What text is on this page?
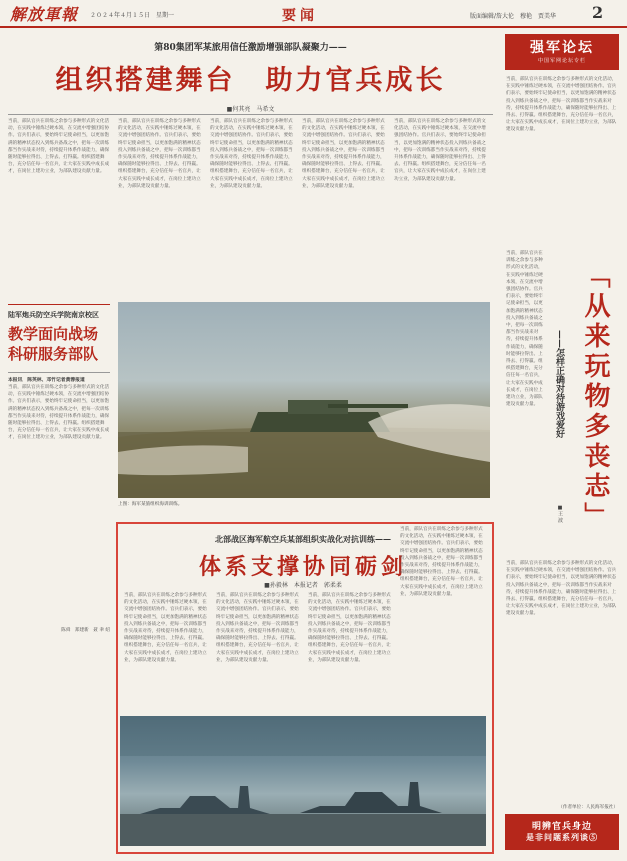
解放軍報 ２０２４年４月１５日　星期一	要闻	版面编辑/詹大伦　穆艳　贾美华 2
第80集团军某旅用信任激励增强部队凝聚力——
组织搭建舞台　助力官兵成长
■何其亮　马希文
当前，部队官兵在训练之余参与多种形式的文化活动，在实践中锤炼过硬本领，在交流中增强团结协作。官兵们表示，要始终牢记使命担当，以更加饱满的精神状态投入到练兵备战之中，把每一次训练都当作实战来对待，持续提升体系作战能力，确保随时能够拉得出、上得去、打得赢。组织搭建舞台，充分信任每一名官兵，让大家在实践中成长成才，在岗位上建功立业，为部队建设贡献力量。
当前，部队官兵在训练之余参与多种形式的文化活动，在实践中锤炼过硬本领，在交流中增强团结协作。官兵们表示，要始终牢记使命担当，以更加饱满的精神状态投入到练兵备战之中，把每一次训练都当作实战来对待，持续提升体系作战能力，确保随时能够拉得出、上得去、打得赢。组织搭建舞台，充分信任每一名官兵，让大家在实践中成长成才，在岗位上建功立业，为部队建设贡献力量。
当前，部队官兵在训练之余参与多种形式的文化活动，在实践中锤炼过硬本领，在交流中增强团结协作。官兵们表示，要始终牢记使命担当，以更加饱满的精神状态投入到练兵备战之中，把每一次训练都当作实战来对待，持续提升体系作战能力，确保随时能够拉得出、上得去、打得赢。组织搭建舞台，充分信任每一名官兵，让大家在实践中成长成才，在岗位上建功立业，为部队建设贡献力量。
当前，部队官兵在训练之余参与多种形式的文化活动，在实践中锤炼过硬本领，在交流中增强团结协作。官兵们表示，要始终牢记使命担当，以更加饱满的精神状态投入到练兵备战之中，把每一次训练都当作实战来对待，持续提升体系作战能力，确保随时能够拉得出、上得去、打得赢。组织搭建舞台，充分信任每一名官兵，让大家在实践中成长成才，在岗位上建功立业，为部队建设贡献力量。
当前，部队官兵在训练之余参与多种形式的文化活动，在实践中锤炼过硬本领，在交流中增强团结协作。官兵们表示，要始终牢记使命担当，以更加饱满的精神状态投入到练兵备战之中，把每一次训练都当作实战来对待，持续提升体系作战能力，确保随时能够拉得出、上得去、打得赢。组织搭建舞台，充分信任每一名官兵，让大家在实践中成长成才，在岗位上建功立业，为部队建设贡献力量。
陆军炮兵防空兵学院南京校区
教学面向战场
科研服务部队
本报讯　陈英林、邓竹记者黄蓉报道
当前，部队官兵在训练之余参与多种形式的文化活动，在实践中锤炼过硬本领，在交流中增强团结协作。官兵们表示，要始终牢记使命担当，以更加饱满的精神状态投入到练兵备战之中，把每一次训练都当作实战来对待，持续提升体系作战能力，确保随时能够拉得出、上得去、打得赢。组织搭建舞台，充分信任每一名官兵，让大家在实践中成长成才，在岗位上建功立业，为部队建设贡献力量。
陈舜　郑建新　聂 聿 绍
上图：海军某旅组织海训训练。
北部战区海军航空兵某部组织实战化对抗训练——
体系支撑协同砺剑
■孙毅林　本报记者　郭柔柔
当前，部队官兵在训练之余参与多种形式的文化活动，在实践中锤炼过硬本领，在交流中增强团结协作。官兵们表示，要始终牢记使命担当，以更加饱满的精神状态投入到练兵备战之中，把每一次训练都当作实战来对待，持续提升体系作战能力，确保随时能够拉得出、上得去、打得赢。组织搭建舞台，充分信任每一名官兵，让大家在实践中成长成才，在岗位上建功立业，为部队建设贡献力量。
当前，部队官兵在训练之余参与多种形式的文化活动，在实践中锤炼过硬本领，在交流中增强团结协作。官兵们表示，要始终牢记使命担当，以更加饱满的精神状态投入到练兵备战之中，把每一次训练都当作实战来对待，持续提升体系作战能力，确保随时能够拉得出、上得去、打得赢。组织搭建舞台，充分信任每一名官兵，让大家在实践中成长成才，在岗位上建功立业，为部队建设贡献力量。
当前，部队官兵在训练之余参与多种形式的文化活动，在实践中锤炼过硬本领，在交流中增强团结协作。官兵们表示，要始终牢记使命担当，以更加饱满的精神状态投入到练兵备战之中，把每一次训练都当作实战来对待，持续提升体系作战能力，确保随时能够拉得出、上得去、打得赢。组织搭建舞台，充分信任每一名官兵，让大家在实践中成长成才，在岗位上建功立业，为部队建设贡献力量。
当前，部队官兵在训练之余参与多种形式的文化活动，在实践中锤炼过硬本领，在交流中增强团结协作。官兵们表示，要始终牢记使命担当，以更加饱满的精神状态投入到练兵备战之中，把每一次训练都当作实战来对待，持续提升体系作战能力，确保随时能够拉得出、上得去、打得赢。组织搭建舞台，充分信任每一名官兵，让大家在实践中成长成才，在岗位上建功立业，为部队建设贡献力量。
强军论坛
中国军网论坛专栏
当前，部队官兵在训练之余参与多种形式的文化活动，在实践中锤炼过硬本领，在交流中增强团结协作。官兵们表示，要始终牢记使命担当，以更加饱满的精神状态投入到练兵备战之中，把每一次训练都当作实战来对待，持续提升体系作战能力，确保随时能够拉得出、上得去、打得赢。组织搭建舞台，充分信任每一名官兵，让大家在实践中成长成才，在岗位上建功立业，为部队建设贡献力量。
「从来玩物多丧志」
——怎样正确对待游戏爱好
■王 波
当前，部队官兵在训练之余参与多种形式的文化活动，在实践中锤炼过硬本领，在交流中增强团结协作。官兵们表示，要始终牢记使命担当，以更加饱满的精神状态投入到练兵备战之中，把每一次训练都当作实战来对待，持续提升体系作战能力，确保随时能够拉得出、上得去、打得赢。组织搭建舞台，充分信任每一名官兵，让大家在实践中成长成才，在岗位上建功立业，为部队建设贡献力量。
当前，部队官兵在训练之余参与多种形式的文化活动，在实践中锤炼过硬本领，在交流中增强团结协作。官兵们表示，要始终牢记使命担当，以更加饱满的精神状态投入到练兵备战之中，把每一次训练都当作实战来对待，持续提升体系作战能力，确保随时能够拉得出、上得去、打得赢。组织搭建舞台，充分信任每一名官兵，让大家在实践中成长成才，在岗位上建功立业，为部队建设贡献力量。
（作者单位：人民海军报社）
明辨官兵身边
是非问题系列谈⑤
